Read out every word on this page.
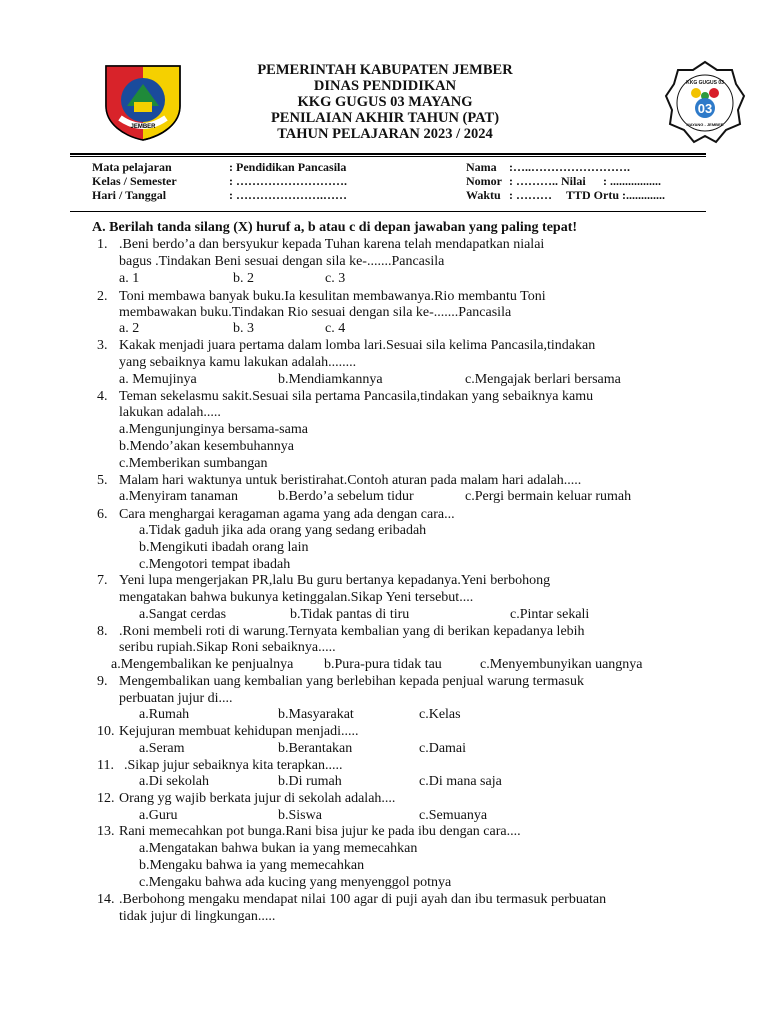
JEMBER
KKG GUGUS 03
03
MAYANG - JEMBER
PEMERINTAH KABUPATEN JEMBER
DINAS PENDIDIKAN
KKG GUGUS 03 MAYANG
PENILAIAN AKHIR TAHUN (PAT)
TAHUN PELAJARAN 2023 / 2024
Mata pelajaran	: Pendidikan Pancasila
Kelas / Semester	: ……………………….
Hari / Tanggal	: ………………….……
Nama :…..…………………….
Nomor : ……….. Nilai : .................
Waktu : ……… TTD Ortu :.............
A. Berilah tanda silang (X) huruf a, b atau c di depan jawaban yang paling tepat!
1. .Beni berdo’a dan bersyukur kepada Tuhan karena telah mendapatkan nialai
bagus .Tindakan Beni sesuai dengan sila ke-.......Pancasila
a. 1	b. 2	c. 3
2. Toni membawa banyak buku.Ia kesulitan membawanya.Rio membantu Toni
membawakan buku.Tindakan Rio sesuai dengan sila ke-.......Pancasila
a. 2	b. 3	c. 4
3. Kakak menjadi juara pertama dalam lomba lari.Sesuai sila kelima Pancasila,tindakan
yang sebaiknya kamu lakukan adalah........
a. Memujinya	b.Mendiamkannya	c.Mengajak berlari bersama
4. Teman sekelasmu sakit.Sesuai sila pertama Pancasila,tindakan yang sebaiknya kamu
lakukan adalah.....
a.Mengunjunginya bersama-sama
b.Mendo’akan kesembuhannya
c.Memberikan sumbangan
5. Malam hari waktunya untuk beristirahat.Contoh aturan pada malam hari adalah.....
a.Menyiram tanaman	b.Berdo’a sebelum tidur	c.Pergi bermain keluar rumah
6. Cara menghargai keragaman agama yang ada dengan cara...
a.Tidak gaduh jika ada orang yang sedang eribadah
b.Mengikuti ibadah orang lain
c.Mengotori tempat ibadah
7. Yeni lupa mengerjakan PR,lalu Bu guru bertanya kepadanya.Yeni berbohong
mengatakan bahwa bukunya ketinggalan.Sikap Yeni tersebut....
a.Sangat cerdas	b.Tidak pantas di tiru	c.Pintar sekali
8. .Roni membeli roti di warung.Ternyata kembalian yang di berikan kepadanya lebih
seribu rupiah.Sikap Roni sebaiknya.....
a.Mengembalikan ke penjualnya b.Pura-pura tidak tau	c.Menyembunyikan uangnya
9. Mengembalikan uang kembalian yang berlebihan kepada penjual warung termasuk
perbuatan jujur di....
a.Rumah	b.Masyarakat	c.Kelas
10. Kejujuran membuat kehidupan menjadi.....
a.Seram	b.Berantakan	c.Damai
11. .Sikap jujur sebaiknya kita terapkan.....
a.Di sekolah	b.Di rumah	c.Di mana saja
12. Orang yg wajib berkata jujur di sekolah adalah....
a.Guru	b.Siswa	c.Semuanya
13. Rani memecahkan pot bunga.Rani bisa jujur ke pada ibu dengan cara....
a.Mengatakan bahwa bukan ia yang memecahkan
b.Mengaku bahwa ia yang memecahkan
c.Mengaku bahwa ada kucing yang menyenggol potnya
14. .Berbohong mengaku mendapat nilai 100 agar di puji ayah dan ibu termasuk perbuatan
tidak jujur di lingkungan.....
